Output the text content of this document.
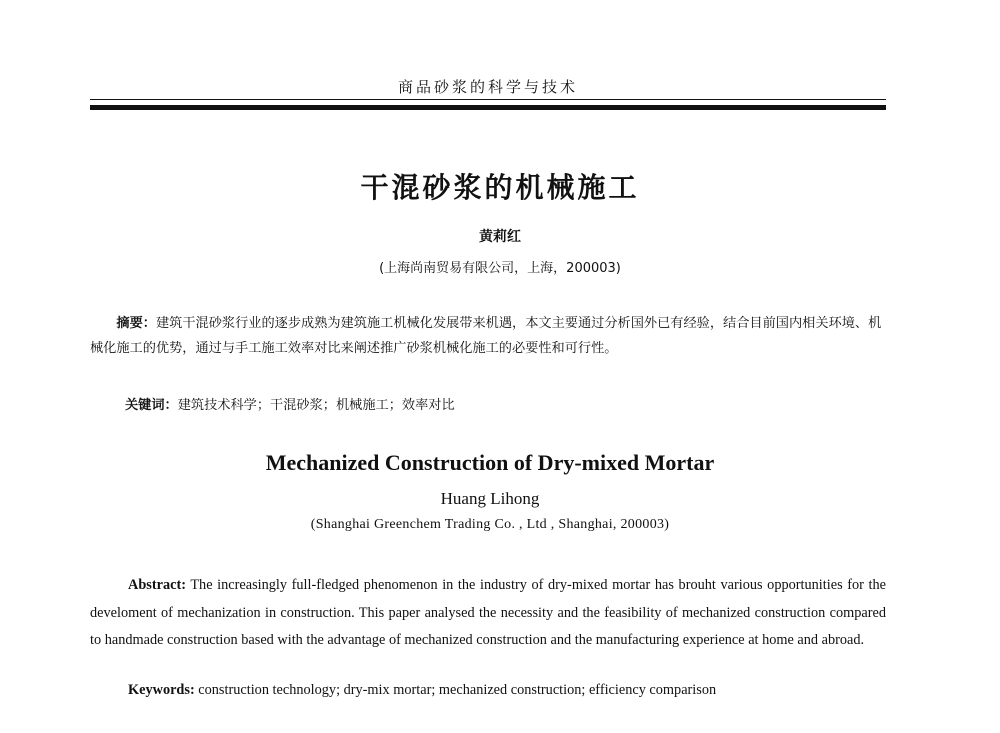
商品砂浆的科学与技术
干混砂浆的机械施工
黄莉红
(上海尚南贸易有限公司，上海，200003)

摘要：建筑干混砂浆行业的逐步成熟为建筑施工机械化发展带来机遇，本文主要通过分析国外已有经验，结合目前国内相关环境、机械化施工的优势，通过与手工施工效率对比来阐述推广砂浆机械化施工的必要性和可行性。

关键词：建筑技术科学；干混砂浆；机械施工；效率对比

Mechanized Construction of Dry-mixed Mortar
Huang Lihong
(Shanghai Greenchem Trading Co. , Ltd , Shanghai, 200003)

Abstract: The increasingly full-fledged phenomenon in the industry of dry-mixed mortar has brouht various opportunities for the develoment of mechanization in construction. This paper analysed the necessity and the feasibility of mechanized construction compared to handmade construction based with the advantage of mechanized construction and the manufacturing experience at home and abroad.

Keywords: construction technology; dry-mix mortar; mechanized construction; efficiency comparison
